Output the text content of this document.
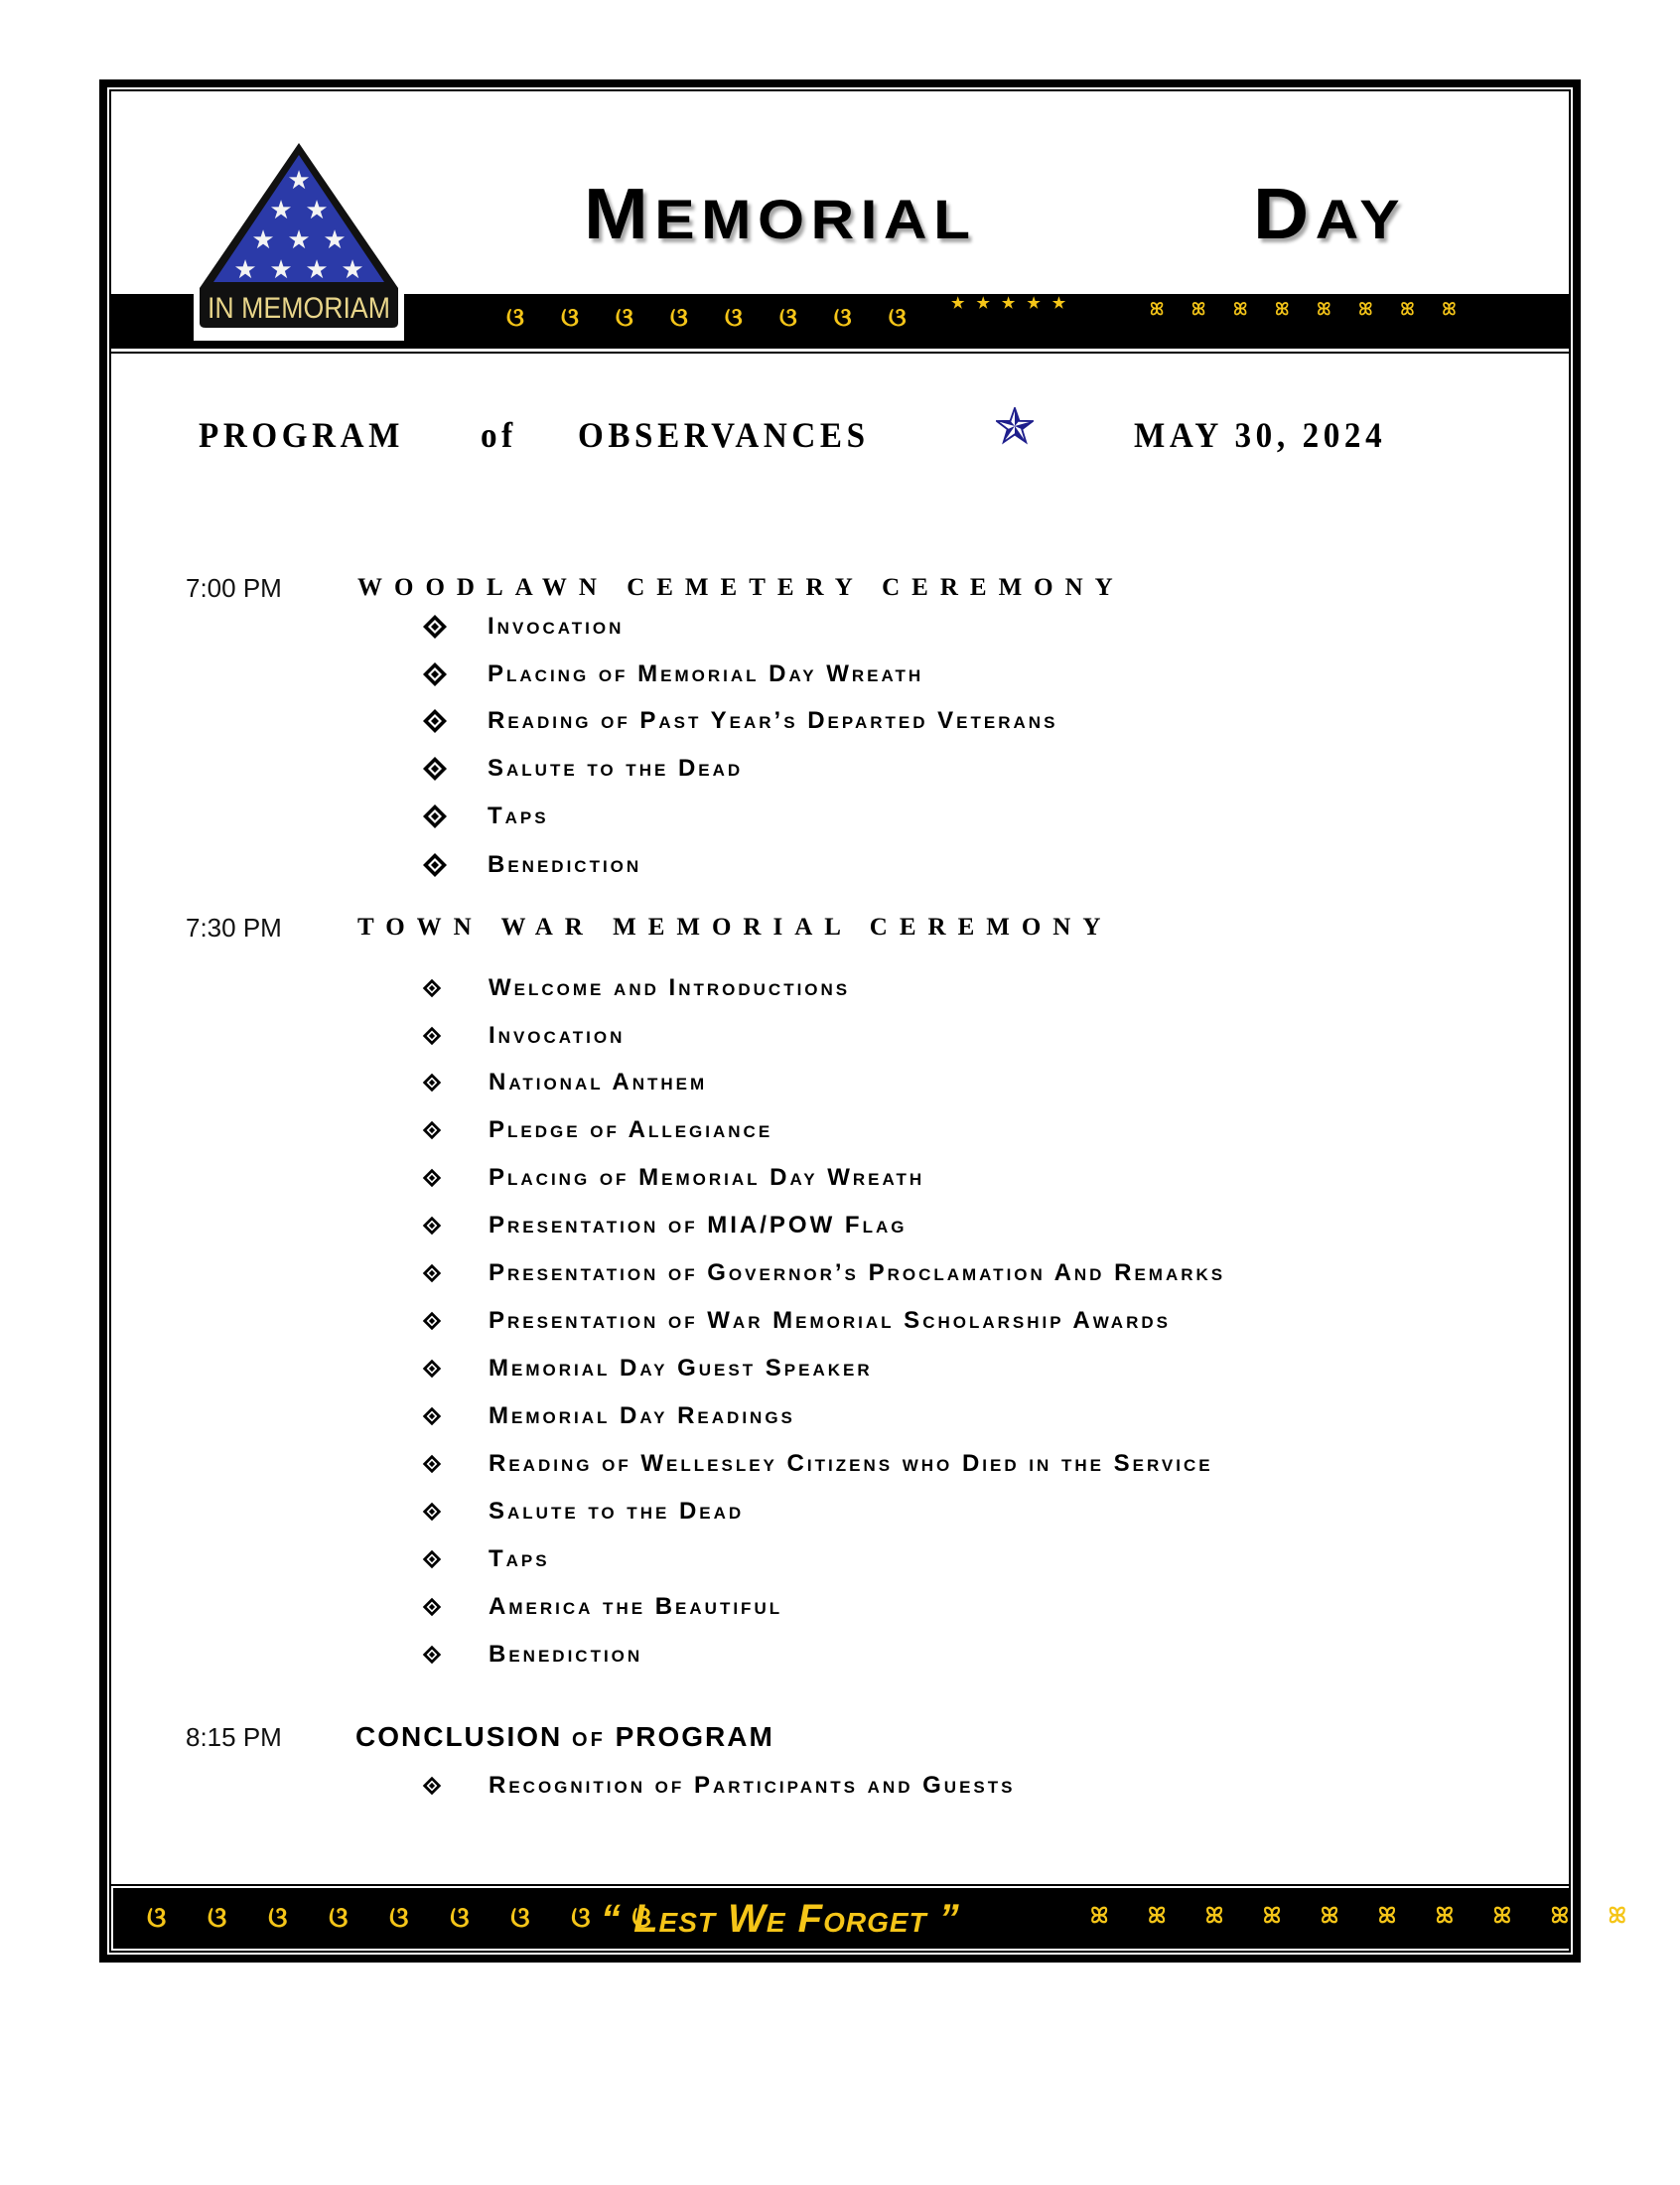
★
★ ★
★ ★ ★
★ ★ ★ ★
IN MEMORIAM
MEMORIAL	DAY
ଓ ଓ ଓ ଓ ଓ ଓ ଓ ଓ ★★★★★	ꕤ ꕤ ꕤ ꕤ ꕤ ꕤ ꕤ ꕤ
PROGRAM of OBSERVANCES	MAY 30, 2024
7:00 PM	WOODLAWN CEMETERY CEREMONY
Invocation
Placing of Memorial Day Wreath
Reading of Past Year’s Departed Veterans
Salute to the Dead
Taps
Benediction
7:30 PM	TOWN WAR MEMORIAL CEREMONY
Welcome and Introductions
Invocation
National Anthem
Pledge of Allegiance
Placing of Memorial Day Wreath
Presentation of MIA/POW Flag
Presentation of Governor’s Proclamation And Remarks
Presentation of War Memorial Scholarship Awards
Memorial Day Guest Speaker
Memorial Day Readings
Reading of Wellesley Citizens who Died in the Service
Salute to the Dead
Taps
America the Beautiful
Benediction
8:15 PM	CONCLUSION OF PROGRAM
Recognition of Participants and Guests
ଓ ଓ ଓ ଓ ଓ ଓ ଓ ଓ ଓ
“ Lest We Forget ”	ꕤ ꕤ ꕤ ꕤ ꕤ ꕤ ꕤ ꕤ ꕤ ꕤ
